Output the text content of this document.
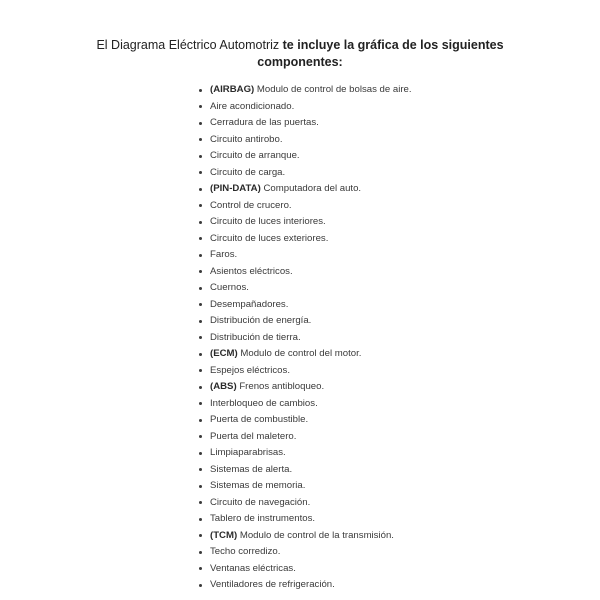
El Diagrama Eléctrico Automotriz te incluye la gráfica de los siguientes
componentes:
(AIRBAG) Modulo de control de bolsas de aire.
Aire acondicionado.
Cerradura de las puertas.
Circuito antirobo.
Circuito de arranque.
Circuito de carga.
(PIN-DATA) Computadora del auto.
Control de crucero.
Circuito de luces interiores.
Circuito de luces exteriores.
Faros.
Asientos eléctricos.
Cuernos.
Desempañadores.
Distribución de energía.
Distribución de tierra.
(ECM) Modulo de control del motor.
Espejos eléctricos.
(ABS) Frenos antibloqueo.
Interbloqueo de cambios.
Puerta de combustible.
Puerta del maletero.
Limpiaparabrisas.
Sistemas de alerta.
Sistemas de memoria.
Circuito de navegación.
Tablero de instrumentos.
(TCM) Modulo de control de la transmisión.
Techo corredizo.
Ventanas eléctricas.
Ventiladores de refrigeración.
